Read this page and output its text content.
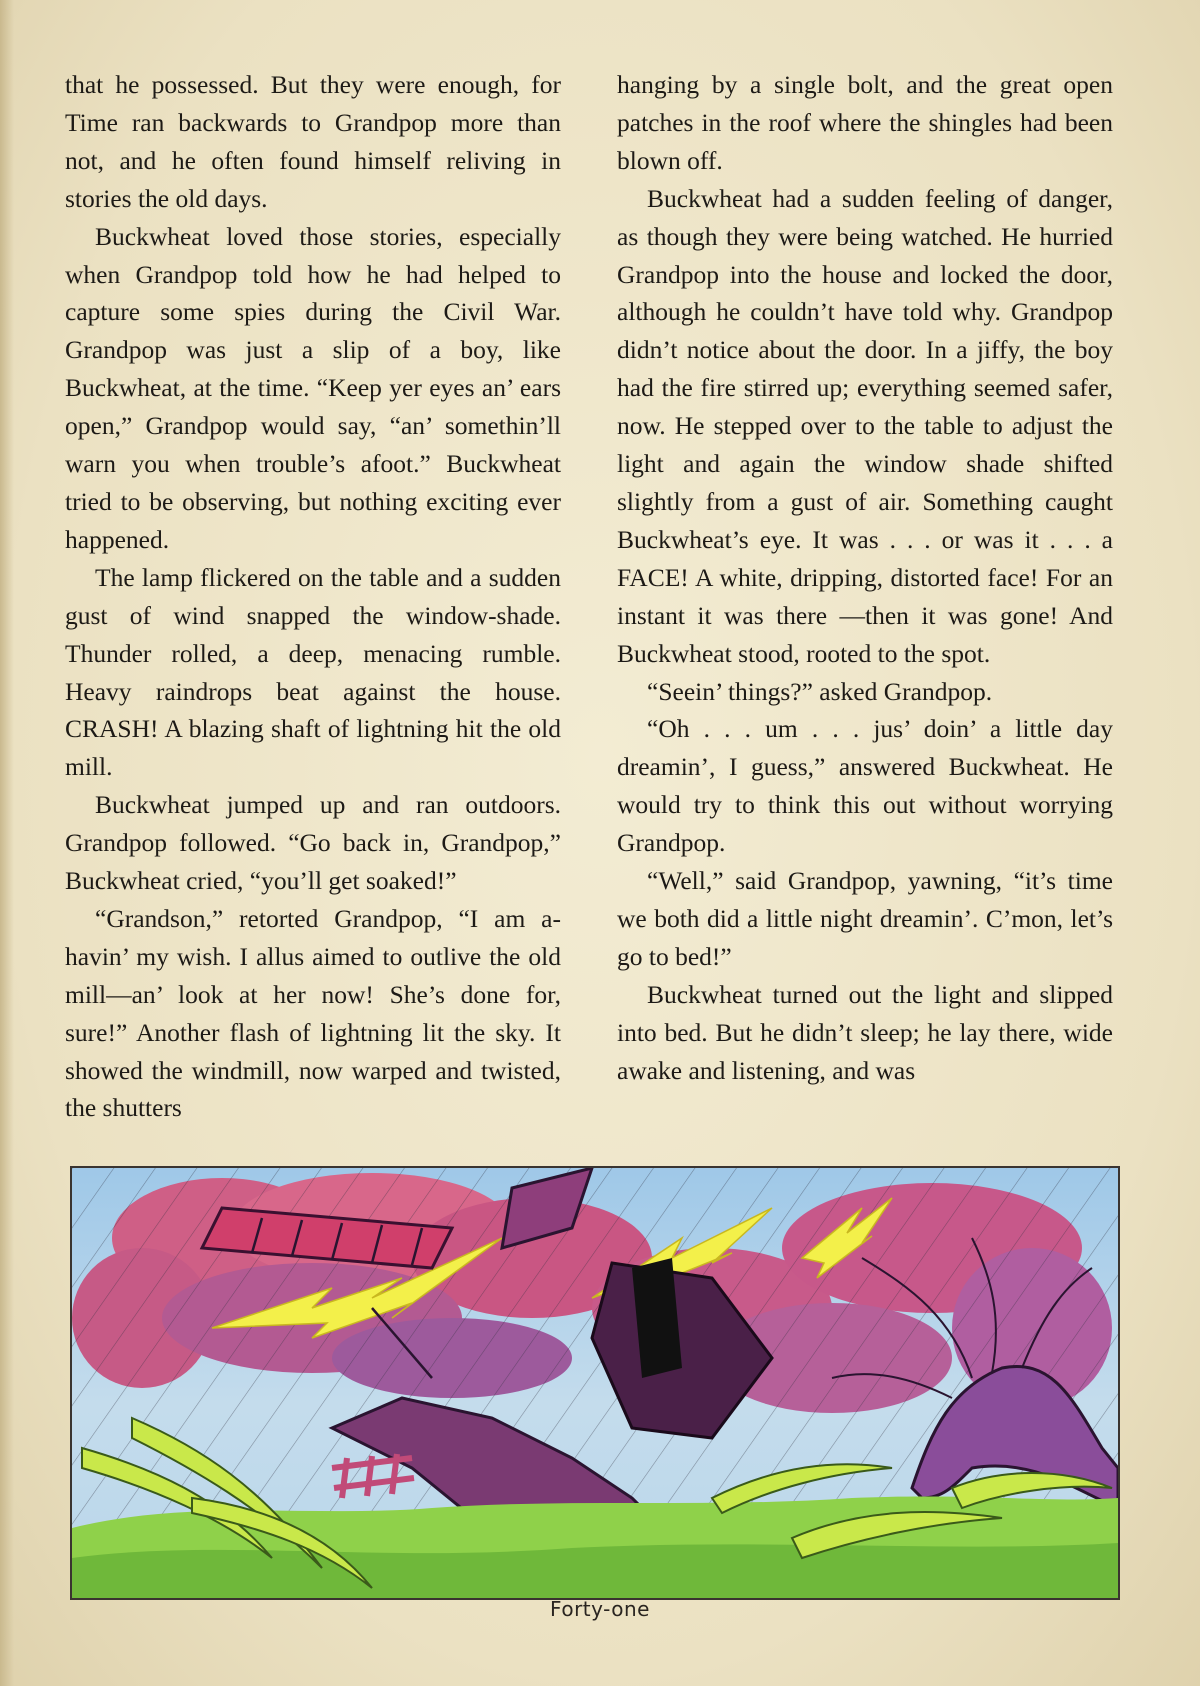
that he possessed. But they were enough, for Time ran backwards to Grandpop more than not, and he often found himself reliving in stories the old days.

Buckwheat loved those stories, especially when Grandpop told how he had helped to capture some spies during the Civil War. Grandpop was just a slip of a boy, like Buckwheat, at the time. “Keep yer eyes an’ ears open,” Grandpop would say, “an’ somethin’ll warn you when trouble’s afoot.” Buckwheat tried to be observing, but nothing exciting ever happened.

The lamp flickered on the table and a sudden gust of wind snapped the window-shade. Thunder rolled, a deep, menacing rumble. Heavy raindrops beat against the house. CRASH! A blazing shaft of lightning hit the old mill.

Buckwheat jumped up and ran outdoors. Grandpop followed. “Go back in, Grandpop,” Buckwheat cried, “you’ll get soaked!”

“Grandson,” retorted Grandpop, “I am a-havin’ my wish. I allus aimed to outlive the old mill—an’ look at her now! She’s done for, sure!” Another flash of lightning lit the sky. It showed the windmill, now warped and twisted, the shutters

hanging by a single bolt, and the great open patches in the roof where the shingles had been blown off.

Buckwheat had a sudden feeling of danger, as though they were being watched. He hurried Grandpop into the house and locked the door, although he couldn’t have told why. Grandpop didn’t notice about the door. In a jiffy, the boy had the fire stirred up; everything seemed safer, now. He stepped over to the table to adjust the light and again the window shade shifted slightly from a gust of air. Something caught Buckwheat’s eye. It was . . . or was it . . . a FACE! A white, dripping, distorted face! For an instant it was there —then it was gone! And Buckwheat stood, rooted to the spot.

“Seein’ things?” asked Grandpop.

“Oh . . . um . . . jus’ doin’ a little day dreamin’, I guess,” answered Buckwheat. He would try to think this out without worrying Grandpop.

“Well,” said Grandpop, yawning, “it’s time we both did a little night dreamin’. C’mon, let’s go to bed!”

Buckwheat turned out the light and slipped into bed. But he didn’t sleep; he lay there, wide awake and listening, and was

Forty-one
